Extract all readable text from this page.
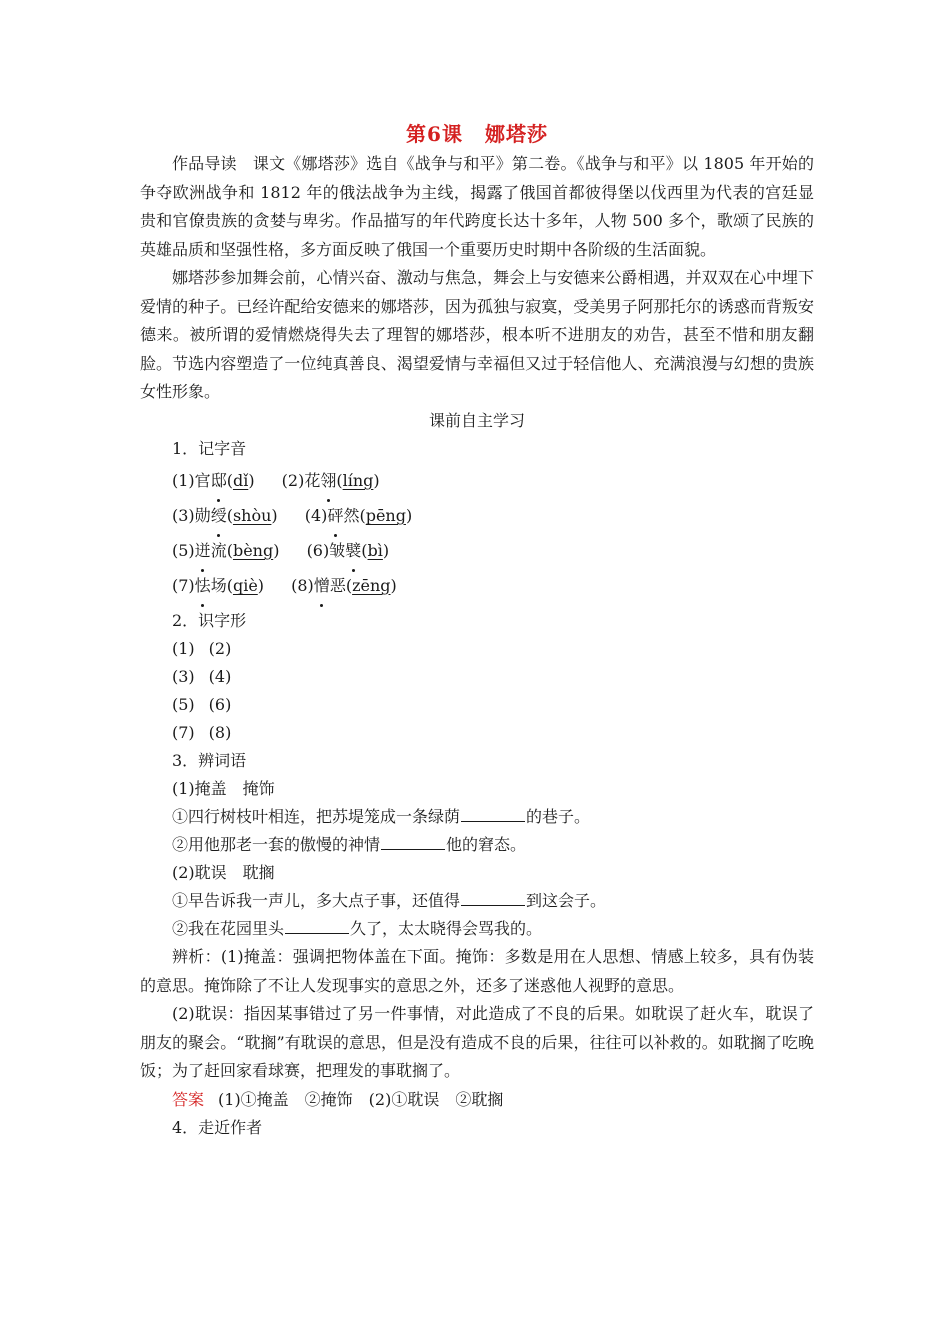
第6课 娜塔莎

作品导读　课文《娜塔莎》选自《战争与和平》第二卷。《战争与和平》以 1805 年开始的争夺欧洲战争和 1812 年的俄法战争为主线，揭露了俄国首都彼得堡以伐西里为代表的宫廷显贵和官僚贵族的贪婪与卑劣。作品描写的年代跨度长达十多年，人物 500 多个，歌颂了民族的英雄品质和坚强性格，多方面反映了俄国一个重要历史时期中各阶级的生活面貌。

娜塔莎参加舞会前，心情兴奋、激动与焦急，舞会上与安德来公爵相遇，并双双在心中埋下爱情的种子。已经许配给安德来的娜塔莎，因为孤独与寂寞，受美男子阿那托尔的诱惑而背叛安德来。被所谓的爱情燃烧得失去了理智的娜塔莎，根本听不进朋友的劝告，甚至不惜和朋友翻脸。节选内容塑造了一位纯真善良、渴望爱情与幸福但又过于轻信他人、充满浪漫与幻想的贵族女性形象。

课前自主学习
1．记字音
(1)官邸(dǐ) (2)花翎(líng)
(3)勋绶(shòu) (4)砰然(pēng)
(5)迸流(bèng) (6)皱襞(bì)
(7)怯场(qiè) (8)憎恶(zēng)
2．识字形
(1) (2)
(3) (4)
(5) (6)
(7) (8)
3．辨词语
(1)掩盖　掩饰
①四行树枝叶相连，把苏堤笼成一条绿荫	的巷子。
②用他那老一套的傲慢的神情	他的窘态。
(2)耽误　耽搁
①早告诉我一声儿，多大点子事，还值得	到这会子。
②我在花园里头	久了，太太晓得会骂我的。

辨析：(1)掩盖：强调把物体盖在下面。掩饰：多数是用在人思想、情感上较多，具有伪装的意思。掩饰除了不让人发现事实的意思之外，还多了迷惑他人视野的意思。

(2)耽误：指因某事错过了另一件事情，对此造成了不良的后果。如耽误了赶火车，耽误了朋友的聚会。“耽搁”有耽误的意思，但是没有造成不良的后果，往往可以补救的。如耽搁了吃晚饭；为了赶回家看球赛，把理发的事耽搁了。

答案 (1)①掩盖　②掩饰　(2)①耽误　②耽搁
4．走近作者
